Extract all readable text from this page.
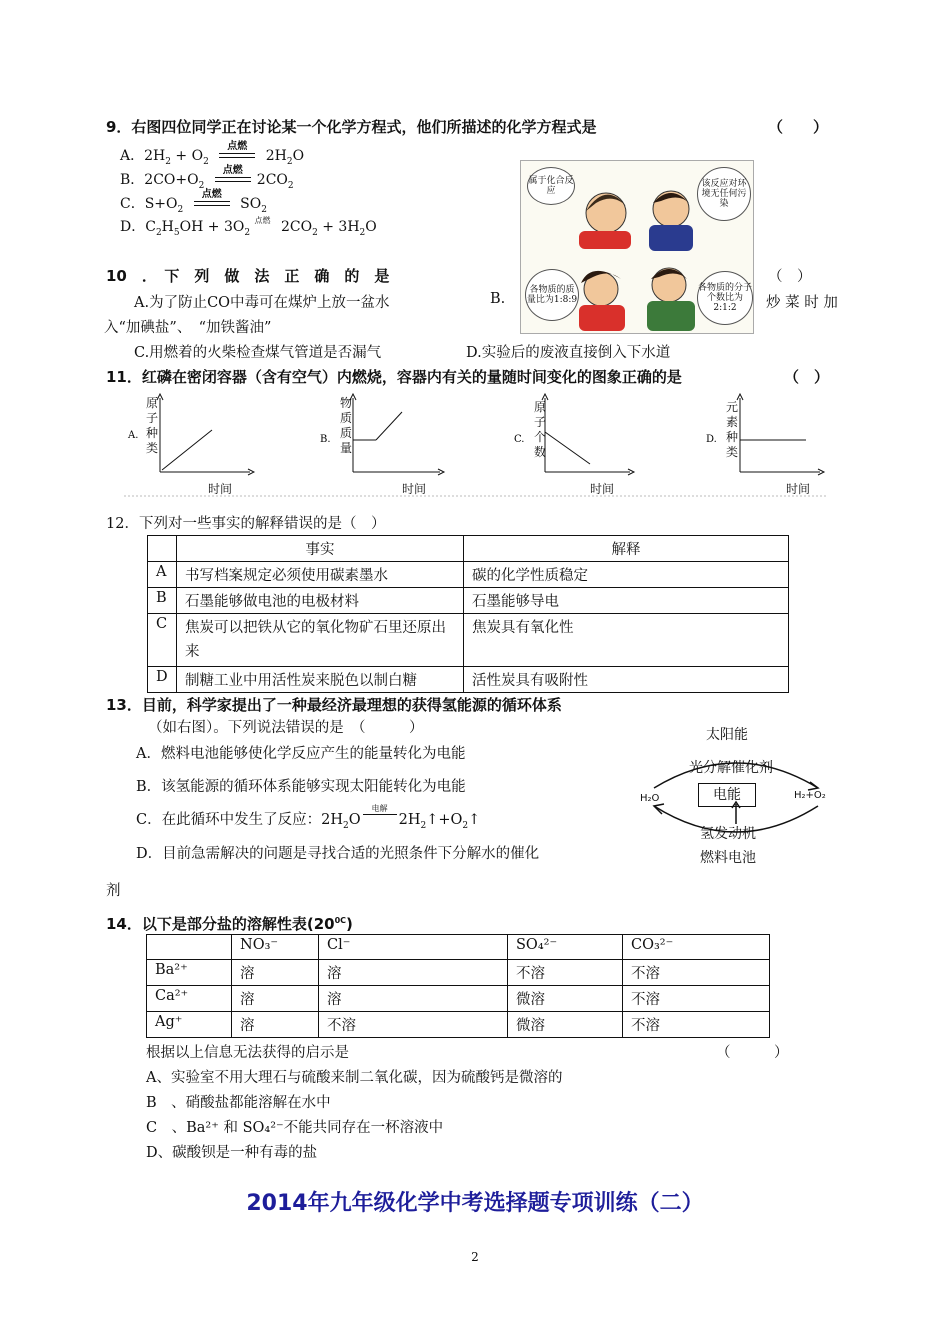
9．右图四位同学正在讨论某一个化学方程式，他们所描述的化学方程式是	（　　）
A．$2H_2 + O_2$
点燃
$2H_2O$
B．$2CO+O_2$
点燃
$2CO_2$
C．$S+O_2$
点燃
$SO_2$
D．$C_2H_5OH + 3O_2$
点燃 $2CO_2 + 3H_2O$
属于化合反应
该反应对环境无任何污染
各物质的质量比为1:8:9
各物质的分子个数比为2:1:2
10　．　下　列　做　法　正　确　的　是	（　）
A.为了防止CO中毒可在煤炉上放一盆水	B.	炒 菜 时 加
入“加碘盐”、　“加铁酱油”
C.用燃着的火柴检查煤气管道是否漏气	D.实验后的废液直接倒入下水道
11．红磷在密闭容器（含有空气）内燃烧，容器内有关的量随时间变化的图象正确的是	（　）
A.	B.	C.	D.
原子种类
物质质量
原子个数
元素种类
时间	时间	时间	时间
12．下列对一些事实的解释错误的是（　）
	事实	解释
A	书写档案规定必须使用碳素墨水	碳的化学性质稳定
B	石墨能够做电池的电极材料	石墨能够导电
C	焦炭可以把铁从它的氧化物矿石里还原出来	焦炭具有氧化性
D	制糖工业中用活性炭来脱色以制白糖	活性炭具有吸附性
13．目前，科学家提出了一种最经济最理想的获得氢能源的循环体系
（如右图）。下列说法错误的是　（　　　）
A．燃料电池能够使化学反应产生的能量转化为电能
B．该氢能源的循环体系能够实现太阳能转化为电能
C．在此循环中发生了反应：$2H_2O$
电解
$2H_2↑+O_2↑$
D．目前急需解决的问题是寻找合适的光照条件下分解水的催化
剂
太阳能
光分解催化剂
H₂O	H₂+O₂
电能
氢发动机
燃料电池
14．以下是部分盐的溶解性表$(20^{0C})$
	NO₃⁻	Cl⁻	SO₄²⁻	CO₃²⁻
Ba²⁺	溶	溶	不溶	不溶
Ca²⁺	溶	溶	微溶	不溶
Ag⁺	溶	不溶	微溶	不溶
根据以上信息无法获得的启示是	（　　　）
A、实验室不用大理石与硫酸来制二氧化碳，因为硫酸钙是微溶的
B　、硝酸盐都能溶解在水中
C　、Ba²⁺ 和 SO₄²⁻不能共同存在一杯溶液中
D、碳酸钡是一种有毒的盐
2014年九年级化学中考选择题专项训练（二）
2
